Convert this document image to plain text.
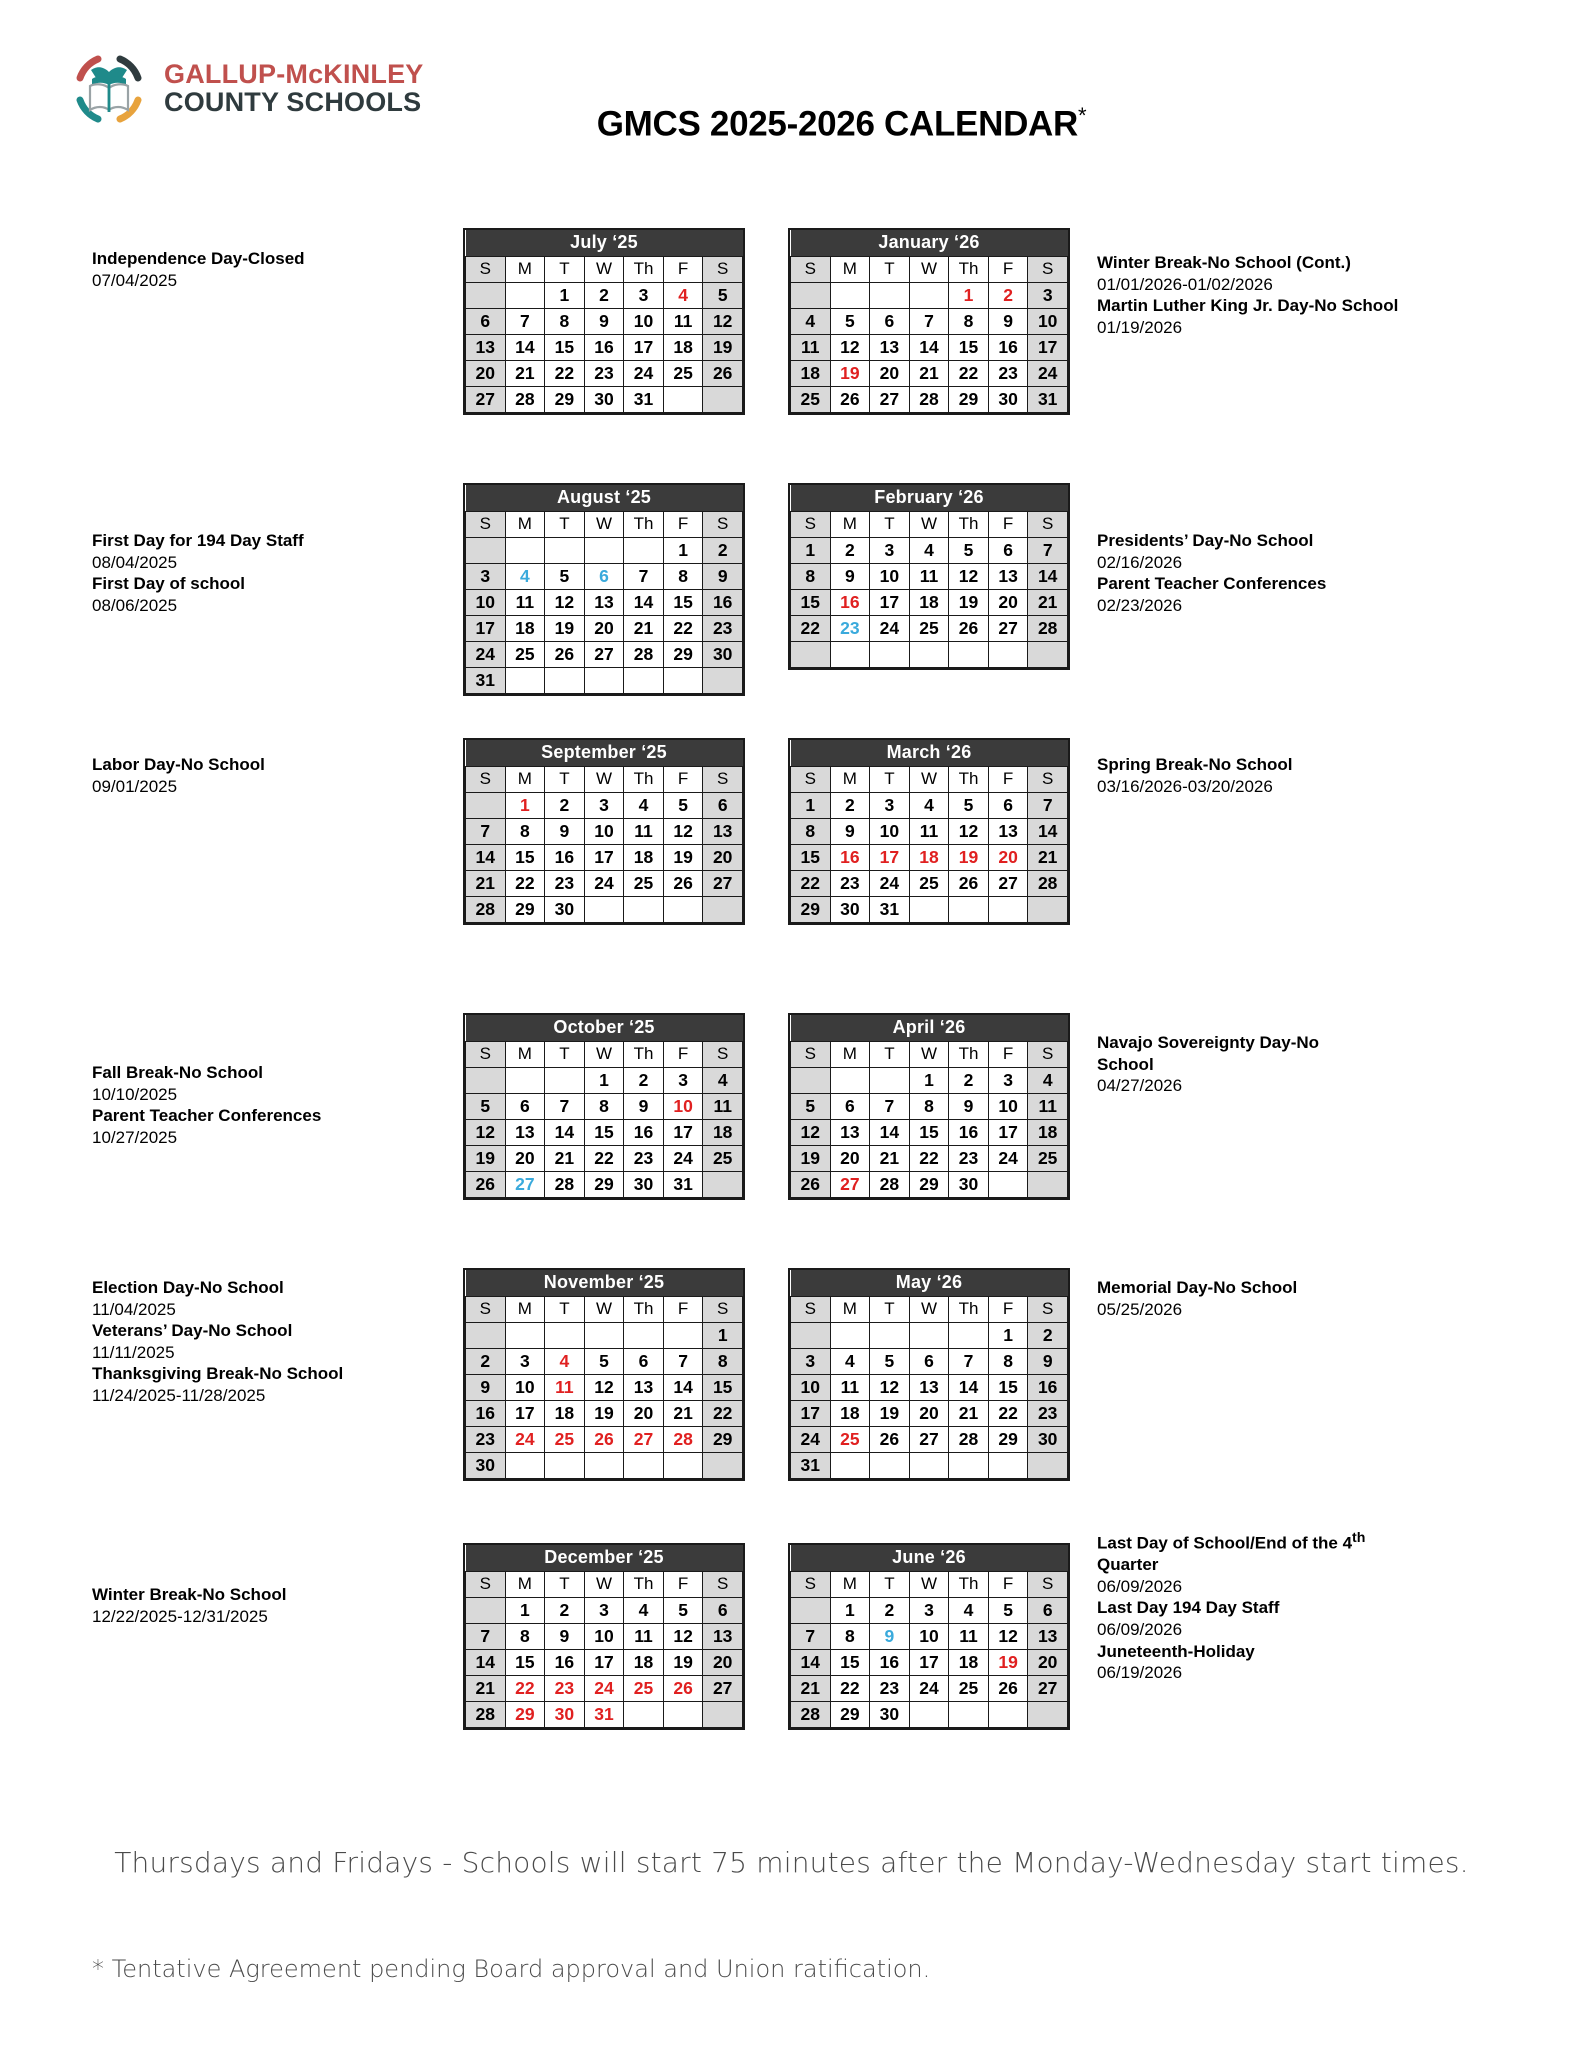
GALLUP-McKINLEY
COUNTY SCHOOLS
GMCS 2025-2026 CALENDAR*
July ‘25						
S	M	T	W	Th	F	S
		1	2	3	4	5
6	7	8	9	10	11	12
13	14	15	16	17	18	19
20	21	22	23	24	25	26
27	28	29	30	31		
August ‘25						
S	M	T	W	Th	F	S
					1	2
3	4	5	6	7	8	9
10	11	12	13	14	15	16
17	18	19	20	21	22	23
24	25	26	27	28	29	30
31						
September ‘25						
S	M	T	W	Th	F	S
	1	2	3	4	5	6
7	8	9	10	11	12	13
14	15	16	17	18	19	20
21	22	23	24	25	26	27
28	29	30				
October ‘25						
S	M	T	W	Th	F	S
			1	2	3	4
5	6	7	8	9	10	11
12	13	14	15	16	17	18
19	20	21	22	23	24	25
26	27	28	29	30	31	
November ‘25						
S	M	T	W	Th	F	S
						1
2	3	4	5	6	7	8
9	10	11	12	13	14	15
16	17	18	19	20	21	22
23	24	25	26	27	28	29
30						
December ‘25						
S	M	T	W	Th	F	S
	1	2	3	4	5	6
7	8	9	10	11	12	13
14	15	16	17	18	19	20
21	22	23	24	25	26	27
28	29	30	31			
January ‘26						
S	M	T	W	Th	F	S
				1	2	3
4	5	6	7	8	9	10
11	12	13	14	15	16	17
18	19	20	21	22	23	24
25	26	27	28	29	30	31
February ‘26						
S	M	T	W	Th	F	S
1	2	3	4	5	6	7
8	9	10	11	12	13	14
15	16	17	18	19	20	21
22	23	24	25	26	27	28

March ‘26						
S	M	T	W	Th	F	S
1	2	3	4	5	6	7
8	9	10	11	12	13	14
15	16	17	18	19	20	21
22	23	24	25	26	27	28
29	30	31				
April ‘26						
S	M	T	W	Th	F	S
			1	2	3	4
5	6	7	8	9	10	11
12	13	14	15	16	17	18
19	20	21	22	23	24	25
26	27	28	29	30		
May ‘26						
S	M	T	W	Th	F	S
					1	2
3	4	5	6	7	8	9
10	11	12	13	14	15	16
17	18	19	20	21	22	23
24	25	26	27	28	29	30
31						
June ‘26						
S	M	T	W	Th	F	S
	1	2	3	4	5	6
7	8	9	10	11	12	13
14	15	16	17	18	19	20
21	22	23	24	25	26	27
28	29	30				
Independence Day-Closed
07/04/2025
First Day for 194 Day Staff
08/04/2025
First Day of school
08/06/2025
Labor Day-No School
09/01/2025
Fall Break-No School
10/10/2025
Parent Teacher Conferences
10/27/2025
Election Day-No School
11/04/2025
Veterans’ Day-No School
11/11/2025
Thanksgiving Break-No School
11/24/2025-11/28/2025
Winter Break-No School
12/22/2025-12/31/2025
Winter Break-No School (Cont.)
01/01/2026-01/02/2026
Martin Luther King Jr. Day-No School
01/19/2026
Presidents’ Day-No School
02/16/2026
Parent Teacher Conferences
02/23/2026
Spring Break-No School
03/16/2026-03/20/2026
Navajo Sovereignty Day-No
School
04/27/2026
Memorial Day-No School
05/25/2026
Last Day of School/End of the 4th
Quarter
06/09/2026
Last Day 194 Day Staff
06/09/2026
Juneteenth-Holiday
06/19/2026
Thursdays and Fridays - Schools will start 75 minutes after the Monday-Wednesday start times.
* Tentative Agreement pending Board approval and Union ratification.
